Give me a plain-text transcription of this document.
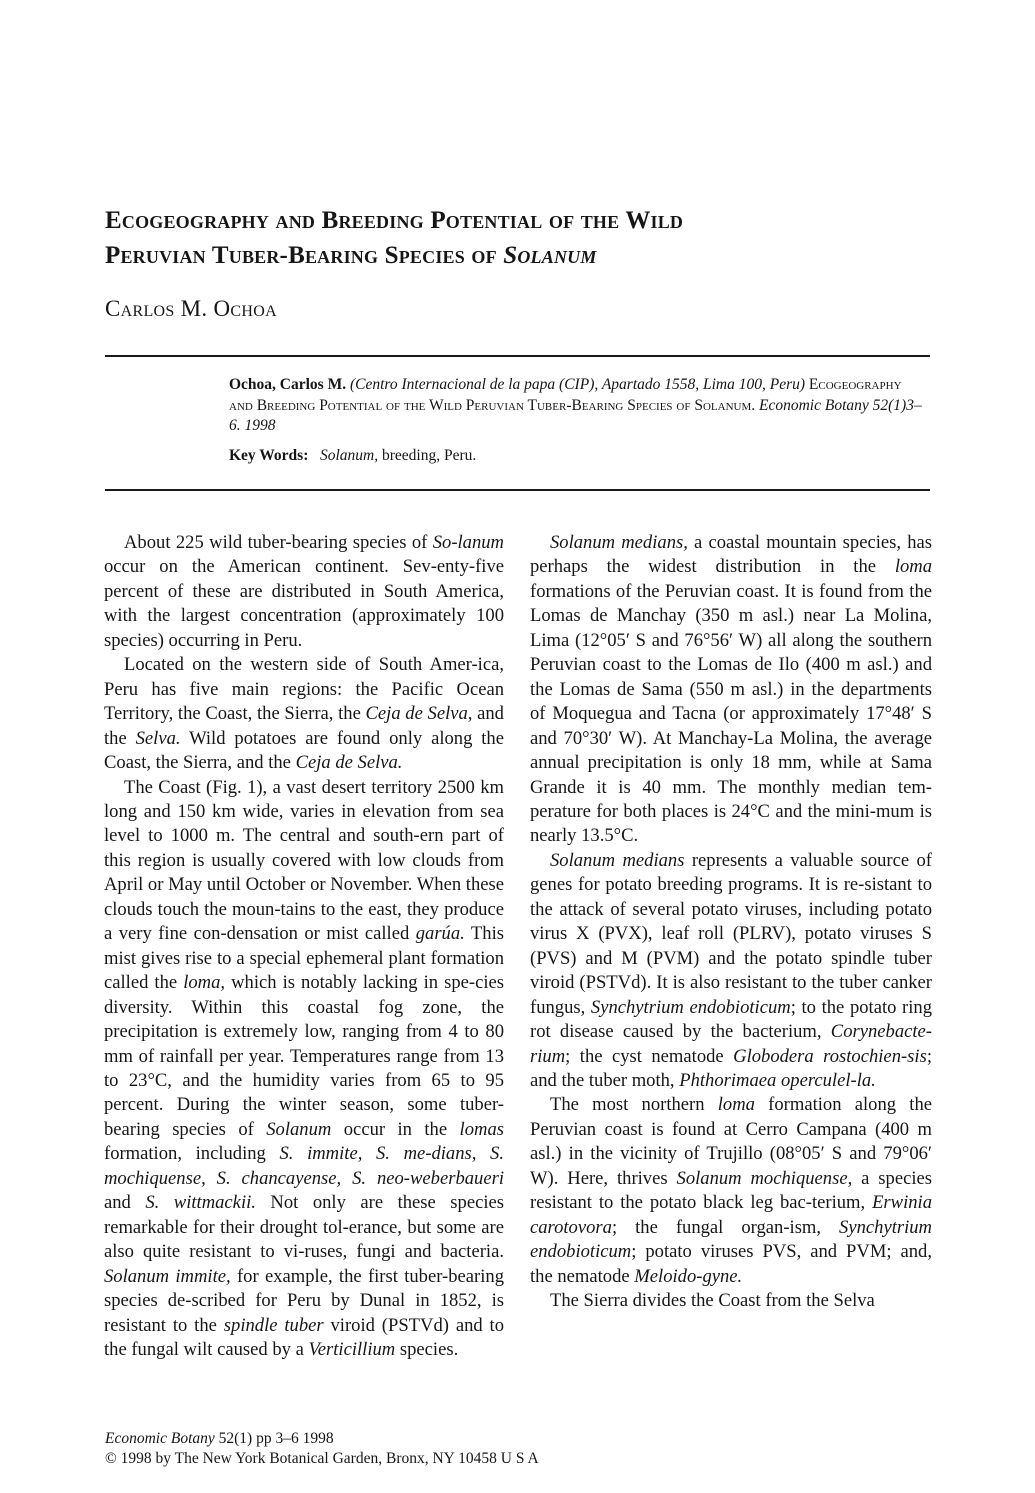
Ecogeography and Breeding Potential of the Wild
Peruvian Tuber-Bearing Species of Solanum
Carlos M. Ochoa
Ochoa, Carlos M. (Centro Internacional de la papa (CIP), Apartado 1558, Lima 100, Peru) Ecogeography and Breeding Potential of the Wild Peruvian Tuber-Bearing Species of Solanum. Economic Botany 52(1)3–6. 1998
Key Words: Solanum, breeding, Peru.

About 225 wild tuber-bearing species of So-lanum occur on the American continent. Sev-enty-five percent of these are distributed in South America, with the largest concentration (approximately 100 species) occurring in Peru.

Located on the western side of South Amer-ica, Peru has five main regions: the Pacific Ocean Territory, the Coast, the Sierra, the Ceja de Selva, and the Selva. Wild potatoes are found only along the Coast, the Sierra, and the Ceja de Selva.

The Coast (Fig. 1), a vast desert territory 2500 km long and 150 km wide, varies in elevation from sea level to 1000 m. The central and south-ern part of this region is usually covered with low clouds from April or May until October or November. When these clouds touch the moun-tains to the east, they produce a very fine con-densation or mist called garúa. This mist gives rise to a special ephemeral plant formation called the loma, which is notably lacking in spe-cies diversity. Within this coastal fog zone, the precipitation is extremely low, ranging from 4 to 80 mm of rainfall per year. Temperatures range from 13 to 23°C, and the humidity varies from 65 to 95 percent. During the winter season, some tuber-bearing species of Solanum occur in the lomas formation, including S. immite, S. me-dians, S. mochiquense, S. chancayense, S. neo-weberbaueri and S. wittmackii. Not only are these species remarkable for their drought tol-erance, but some are also quite resistant to vi-ruses, fungi and bacteria. Solanum immite, for example, the first tuber-bearing species de-scribed for Peru by Dunal in 1852, is resistant to the spindle tuber viroid (PSTVd) and to the fungal wilt caused by a Verticillium species.

Solanum medians, a coastal mountain species, has perhaps the widest distribution in the loma formations of the Peruvian coast. It is found from the Lomas de Manchay (350 m asl.) near La Molina, Lima (12°05′ S and 76°56′ W) all along the southern Peruvian coast to the Lomas de Ilo (400 m asl.) and the Lomas de Sama (550 m asl.) in the departments of Moquegua and Tacna (or approximately 17°48′ S and 70°30′ W). At Manchay-La Molina, the average annual precipitation is only 18 mm, while at Sama Grande it is 40 mm. The monthly median tem-perature for both places is 24°C and the mini-mum is nearly 13.5°C.

Solanum medians represents a valuable source of genes for potato breeding programs. It is re-sistant to the attack of several potato viruses, including potato virus X (PVX), leaf roll (PLRV), potato viruses S (PVS) and M (PVM) and the potato spindle tuber viroid (PSTVd). It is also resistant to the tuber canker fungus, Synchytrium endobioticum; to the potato ring rot disease caused by the bacterium, Corynebacte-rium; the cyst nematode Globodera rostochien-sis; and the tuber moth, Phthorimaea operculel-la.

The most northern loma formation along the Peruvian coast is found at Cerro Campana (400 m asl.) in the vicinity of Trujillo (08°05′ S and 79°06′ W). Here, thrives Solanum mochiquense, a species resistant to the potato black leg bac-terium, Erwinia carotovora; the fungal organ-ism, Synchytrium endobioticum; potato viruses PVS, and PVM; and, the nematode Meloido-gyne.

The Sierra divides the Coast from the Selva

Economic Botany 52(1) pp 3–6 1998
© 1998 by The New York Botanical Garden, Bronx, NY 10458 U S A
